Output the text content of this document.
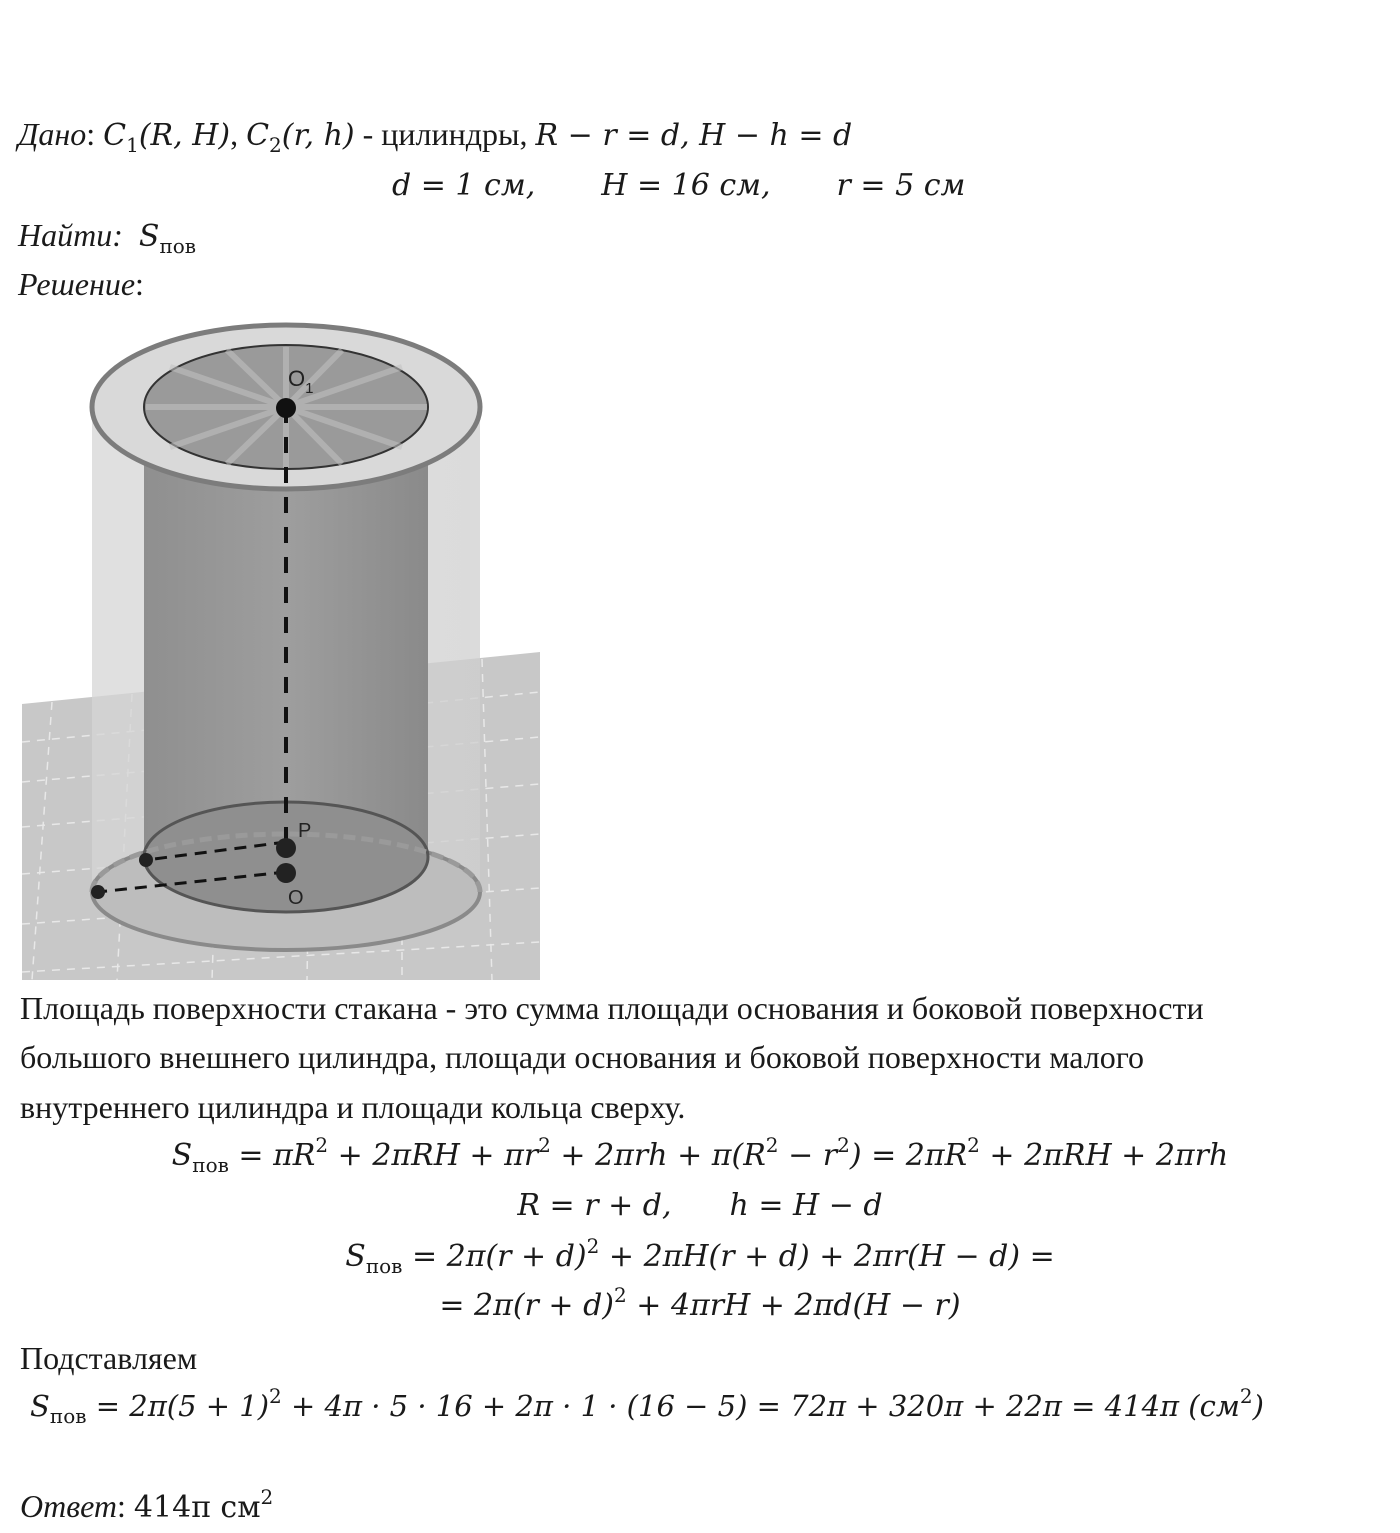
Дано: $C_1(R$, H), $C_2(r$, h) - цилиндры, R − r = d, H − h = d
d = 1 см, H = 16 см, r = 5 см
Найти: $S_{пов}$
Решение:
$O_1$
P
O
Площадь поверхности стакана - это сумма площади основания и боковой поверхности
большого внешнего цилиндра, площади основания и боковой поверхности малого
внутреннего цилиндра и площади кольца сверху.
$S_{пов} = \pi R^2 + 2\pi RH + \pi r^2 + 2\pi rh + \pi(R^2 - r^2) = 2\pi R^2 + 2\pi RH + 2\pi rh$
R = r + d, h = H − d
$S_{пов} = 2\pi(r + d)^2 + 2\pi H(r + d) + 2\pi r(H - d)$ =
= $2\pi(r + d)^2 + 4\pi rH + 2\pi d(H - r)$
Подставляем
$S_{пов} = 2\pi(5 + 1)^2 + 4\pi \cdot 5 \cdot 16 + 2\pi \cdot 1 \cdot (16 - 5) = 72\pi + 320\pi + 22\pi = 414\pi$ $(см^2)$
Ответ: 414π $см^2$
